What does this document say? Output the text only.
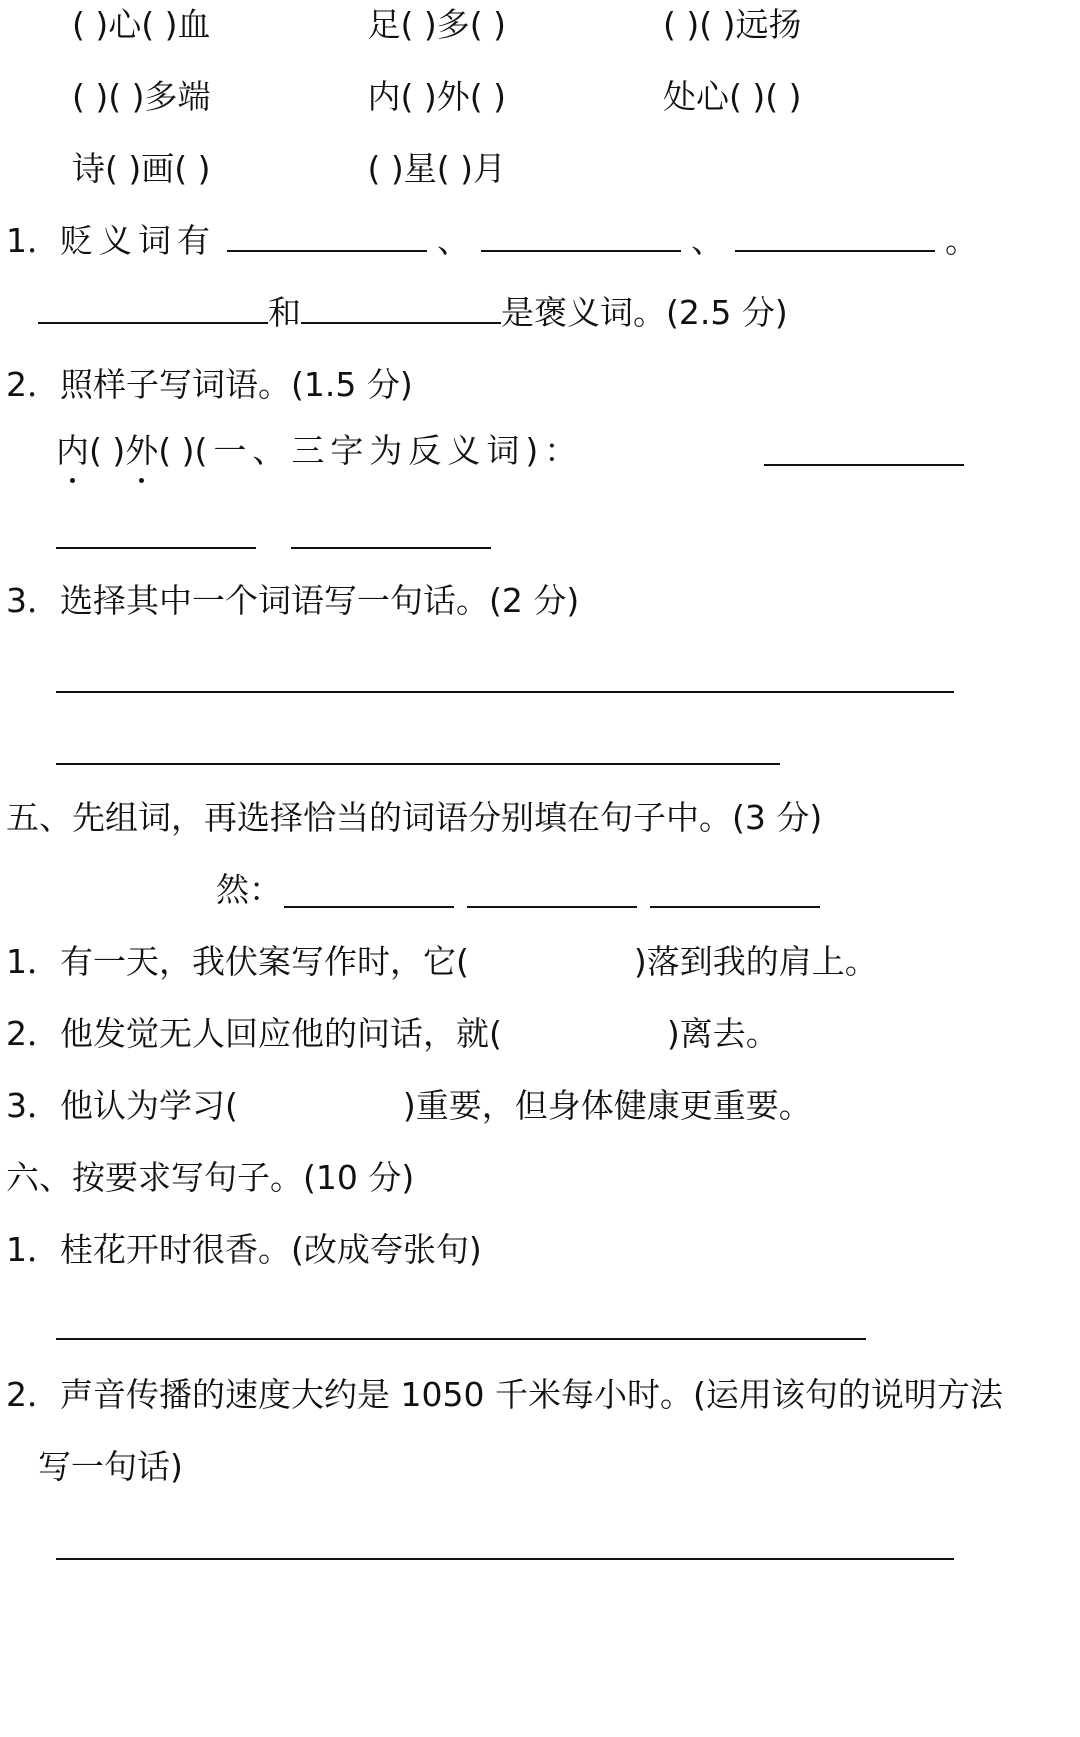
( )心( )血	足( )多( )	( )( )远扬
( )( )多端	内( )外( )	处心( )( )
诗( )画( )	( )星( )月
1．贬义词有	、	、	。
和	是褒义词。(2.5 分)
2．照样子写词语。(1.5 分)
内( )外( )(一、三字为反义词)：
3．选择其中一个词语写一句话。(2 分)
五、先组词，再选择恰当的词语分别填在句子中。(3 分)
然：
1．有一天，我伏案写作时，它(	)落到我的肩上。
2．他发觉无人回应他的问话，就(	)离去。
3．他认为学习(	)重要，但身体健康更重要。
六、按要求写句子。(10 分)
1．桂花开时很香。(改成夸张句)
2．声音传播的速度大约是 1050 千米每小时。(运用该句的说明方法
写一句话)
